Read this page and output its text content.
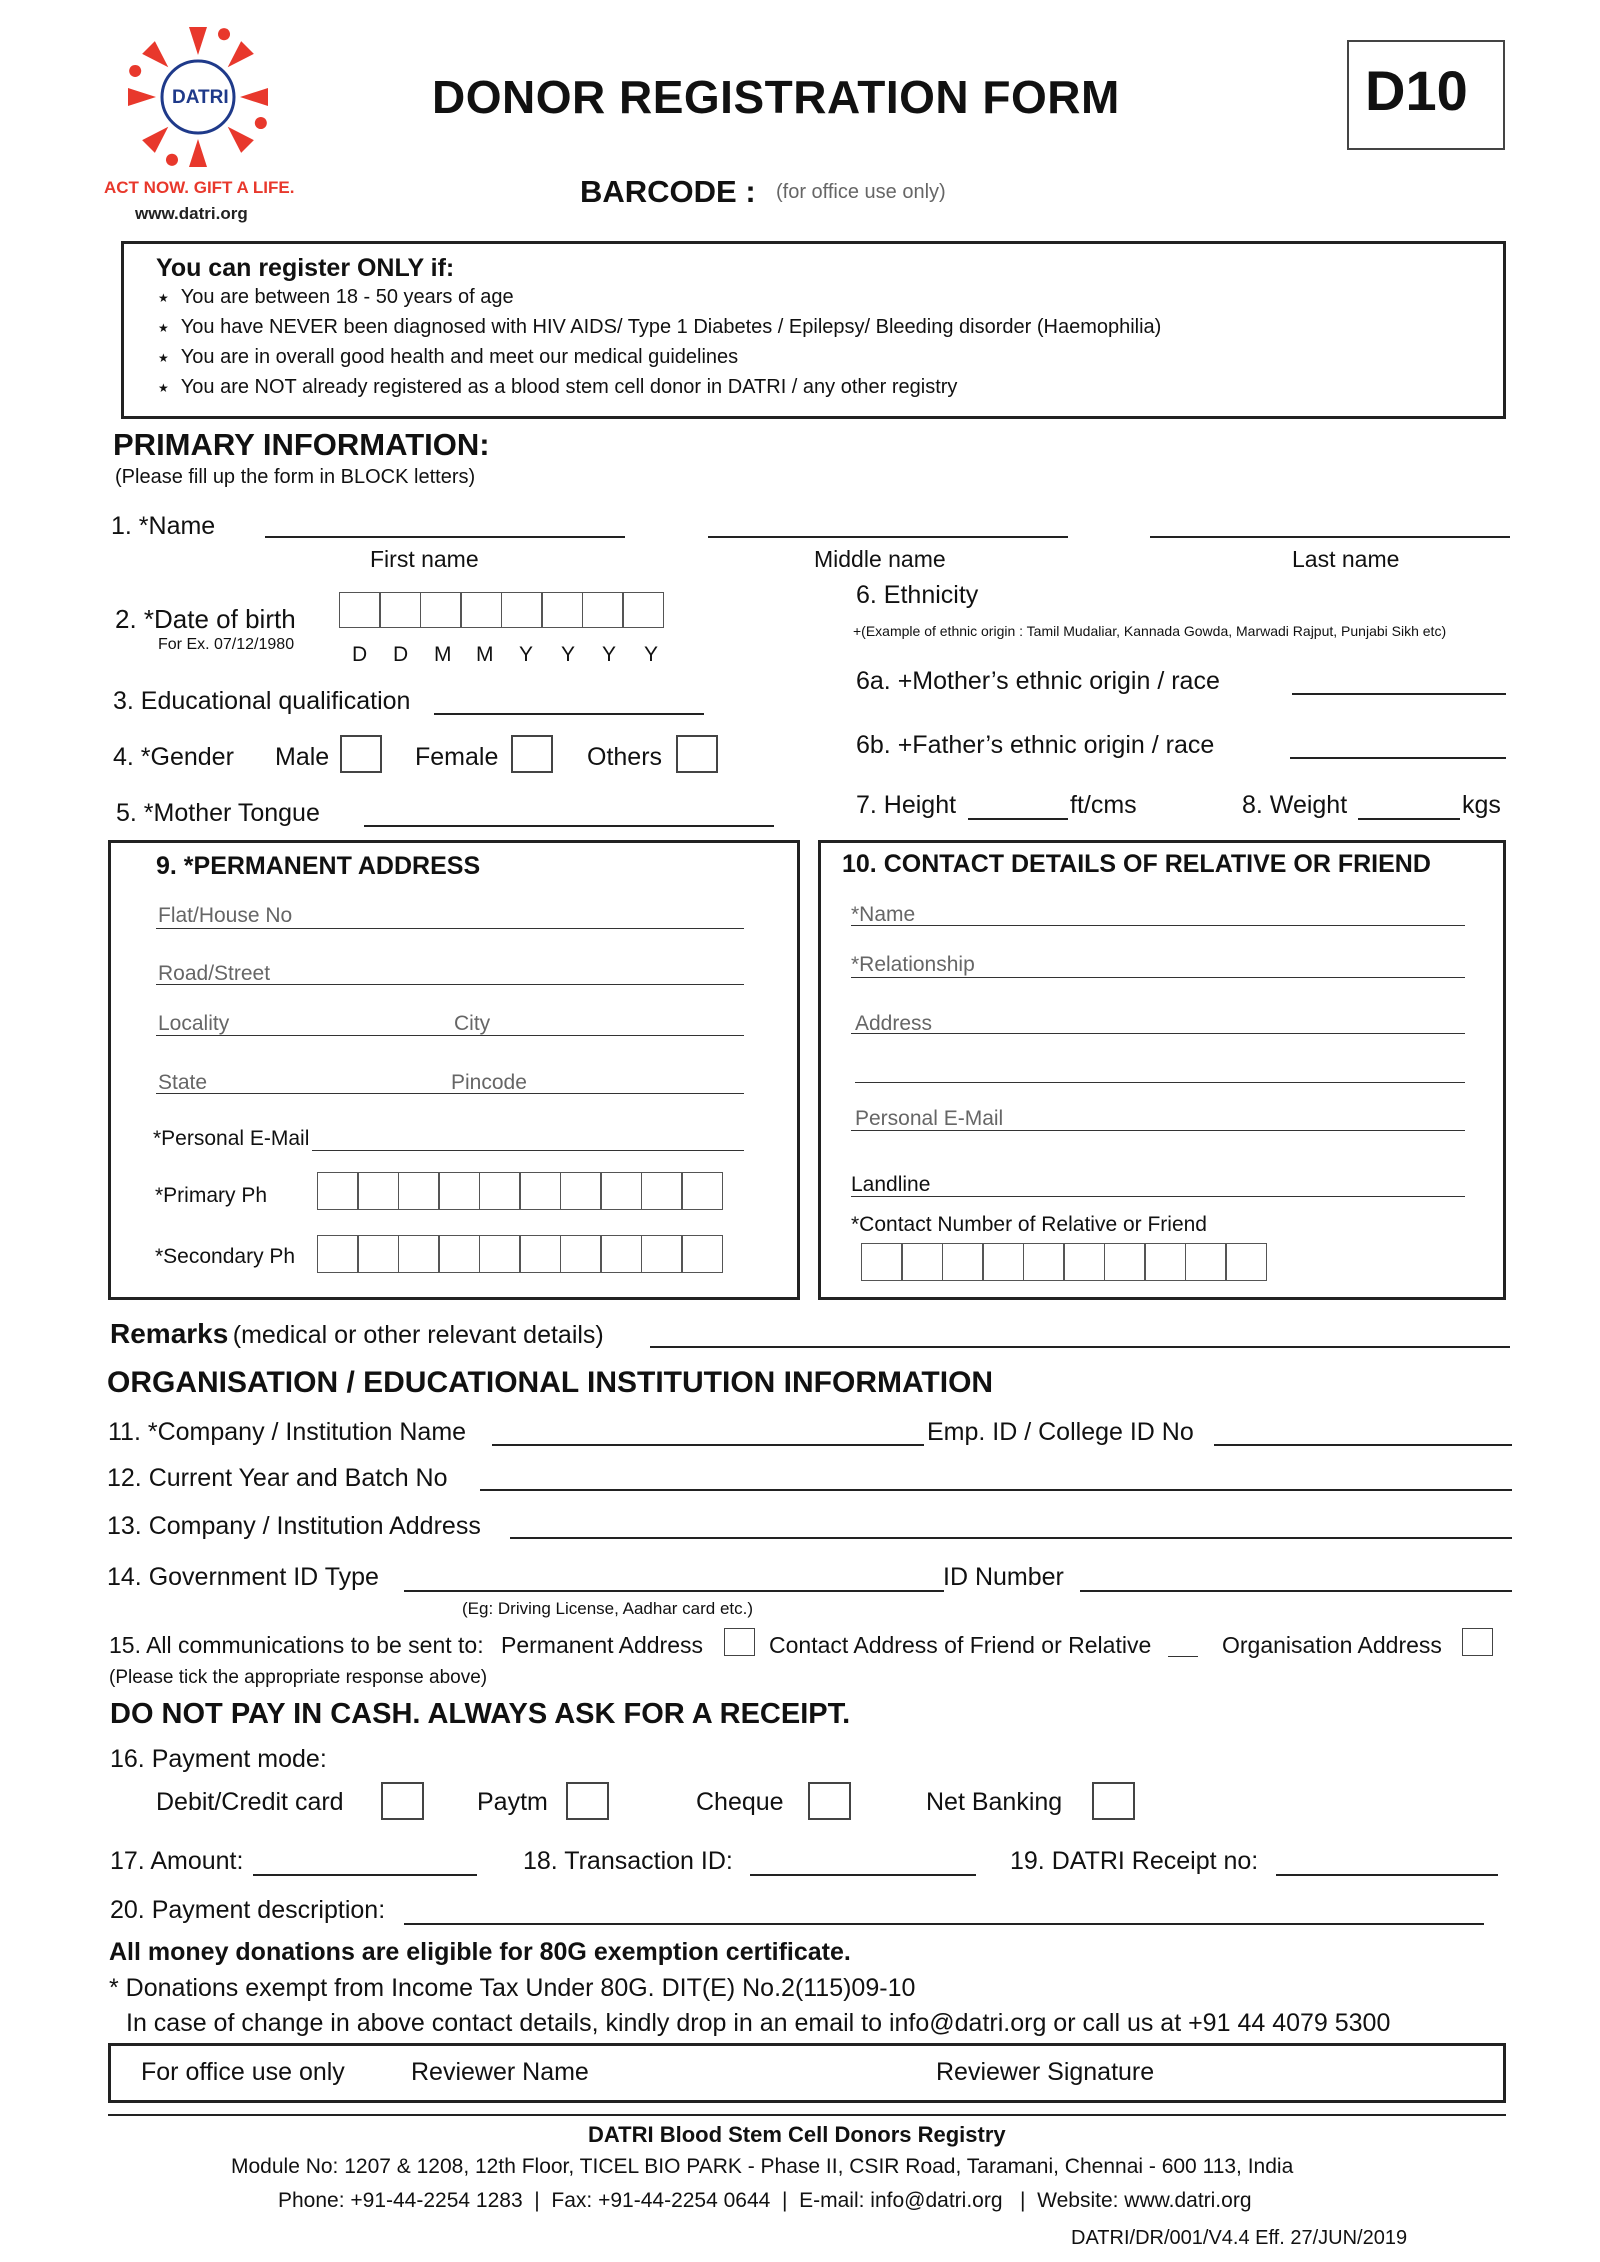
DATRI
ACT NOW. GIFT A LIFE.
www.datri.org
DONOR REGISTRATION FORM	D10
BARCODE : (for office use only)
You can register ONLY if:
★ You are between 18 - 50 years of age
★ You have NEVER been diagnosed with HIV AIDS/ Type 1 Diabetes / Epilepsy/ Bleeding disorder (Haemophilia)
★ You are in overall good health and meet our medical guidelines
★ You are NOT already registered as a blood stem cell donor in DATRI / any other registry
PRIMARY INFORMATION:
(Please fill up the form in BLOCK letters)
1. *Name
First name	Middle name	Last name
2. *Date of birth
For Ex. 07/12/1980	D D M M Y Y Y Y
6. Ethnicity
+(Example of ethnic origin : Tamil Mudaliar, Kannada Gowda, Marwadi Rajput, Punjabi Sikh etc)
3. Educational qualification
6a. +Mother’s ethnic origin / race
4. *Gender Male	Female	Others	6b. +Father’s ethnic origin / race
5. *Mother Tongue	7. Height	ft/cms	8. Weight	kgs
9. *PERMANENT ADDRESS
Flat/House No
Road/Street
Locality	City
State	Pincode
*Personal E-Mail
*Primary Ph
*Secondary Ph
10. CONTACT DETAILS OF RELATIVE OR FRIEND
*Name
*Relationship
Address
Personal E-Mail
Landline
*Contact Number of Relative or Friend
Remarks (medical or other relevant details)
ORGANISATION / EDUCATIONAL INSTITUTION INFORMATION
11. *Company / Institution Name	Emp. ID / College ID No
12. Current Year and Batch No
13. Company / Institution Address
14. Government ID Type	ID Number
(Eg: Driving License, Aadhar card etc.)
15. All communications to be sent to: Permanent Address	Contact Address of Friend or Relative	Organisation Address
(Please tick the appropriate response above)
DO NOT PAY IN CASH. ALWAYS ASK FOR A RECEIPT.
16. Payment mode:
Debit/Credit card	Paytm	Cheque	Net Banking
17. Amount:	18. Transaction ID:	19. DATRI Receipt no:
20. Payment description:
All money donations are eligible for 80G exemption certificate.
* Donations exempt from Income Tax Under 80G. DIT(E) No.2(115)09-10
In case of change in above contact details, kindly drop in an email to info@datri.org or call us at +91 44 4079 5300
For office use only	Reviewer Name	Reviewer Signature
DATRI Blood Stem Cell Donors Registry
Module No: 1207 & 1208, 12th Floor, TICEL BIO PARK - Phase II, CSIR Road, Taramani, Chennai - 600 113, India
Phone: +91-44-2254 1283  |  Fax: +91-44-2254 0644  |  E-mail: info@datri.org   |  Website: www.datri.org
DATRI/DR/001/V4.4 Eff. 27/JUN/2019
